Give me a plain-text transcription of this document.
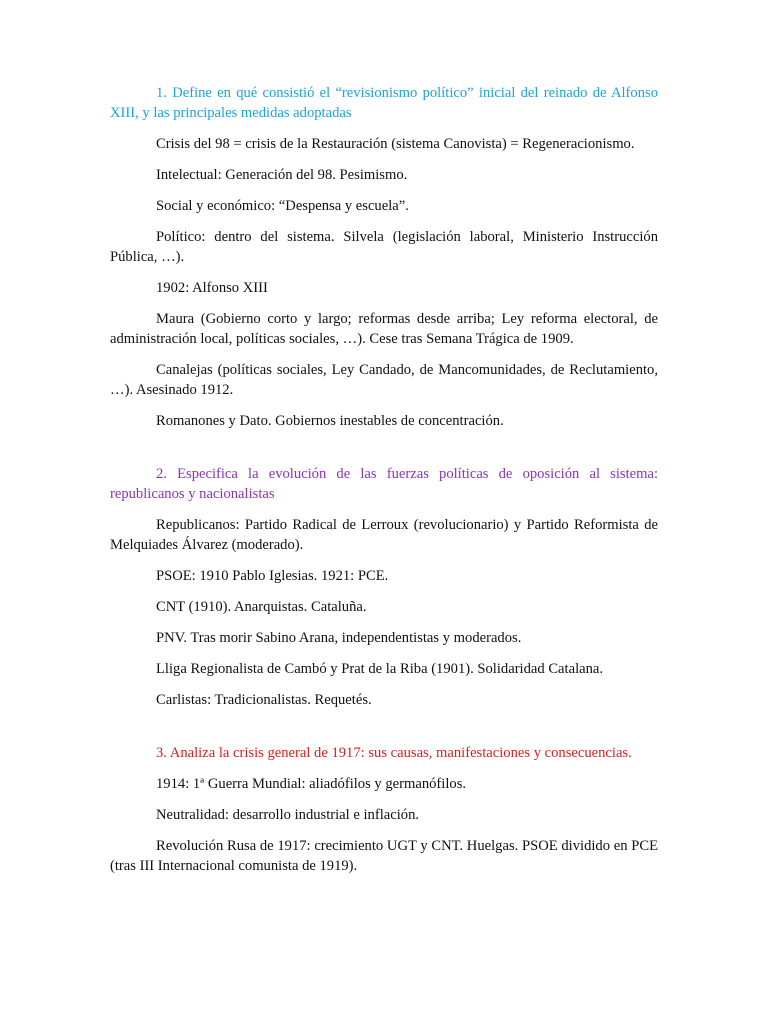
1. Define en qué consistió el “revisionismo político” inicial del reinado de Alfonso XIII, y las principales medidas adoptadas

Crisis del 98 = crisis de la Restauración (sistema Canovista) = Regeneracionismo.

Intelectual: Generación del 98. Pesimismo.

Social y económico: “Despensa y escuela”.

Político: dentro del sistema. Silvela (legislación laboral, Ministerio Instrucción Pública, …).

1902: Alfonso XIII

Maura (Gobierno corto y largo; reformas desde arriba; Ley reforma electoral, de administración local, políticas sociales, …). Cese tras Semana Trágica de 1909.

Canalejas (políticas sociales, Ley Candado, de Mancomunidades, de Reclutamiento, …). Asesinado 1912.

Romanones y Dato. Gobiernos inestables de concentración.

2. Especifica la evolución de las fuerzas políticas de oposición al sistema: republicanos y nacionalistas

Republicanos: Partido Radical de Lerroux (revolucionario) y Partido Reformista de Melquiades Álvarez (moderado).

PSOE: 1910 Pablo Iglesias. 1921: PCE.

CNT (1910). Anarquistas. Cataluña.

PNV. Tras morir Sabino Arana, independentistas y moderados.

Lliga Regionalista de Cambó y Prat de la Riba (1901). Solidaridad Catalana.

Carlistas: Tradicionalistas. Requetés.

3. Analiza la crisis general de 1917: sus causas, manifestaciones y consecuencias.

1914: 1ª Guerra Mundial: aliadófilos y germanófilos.

Neutralidad: desarrollo industrial e inflación.

Revolución Rusa de 1917: crecimiento UGT y CNT. Huelgas. PSOE dividido en PCE (tras III Internacional comunista de 1919).
